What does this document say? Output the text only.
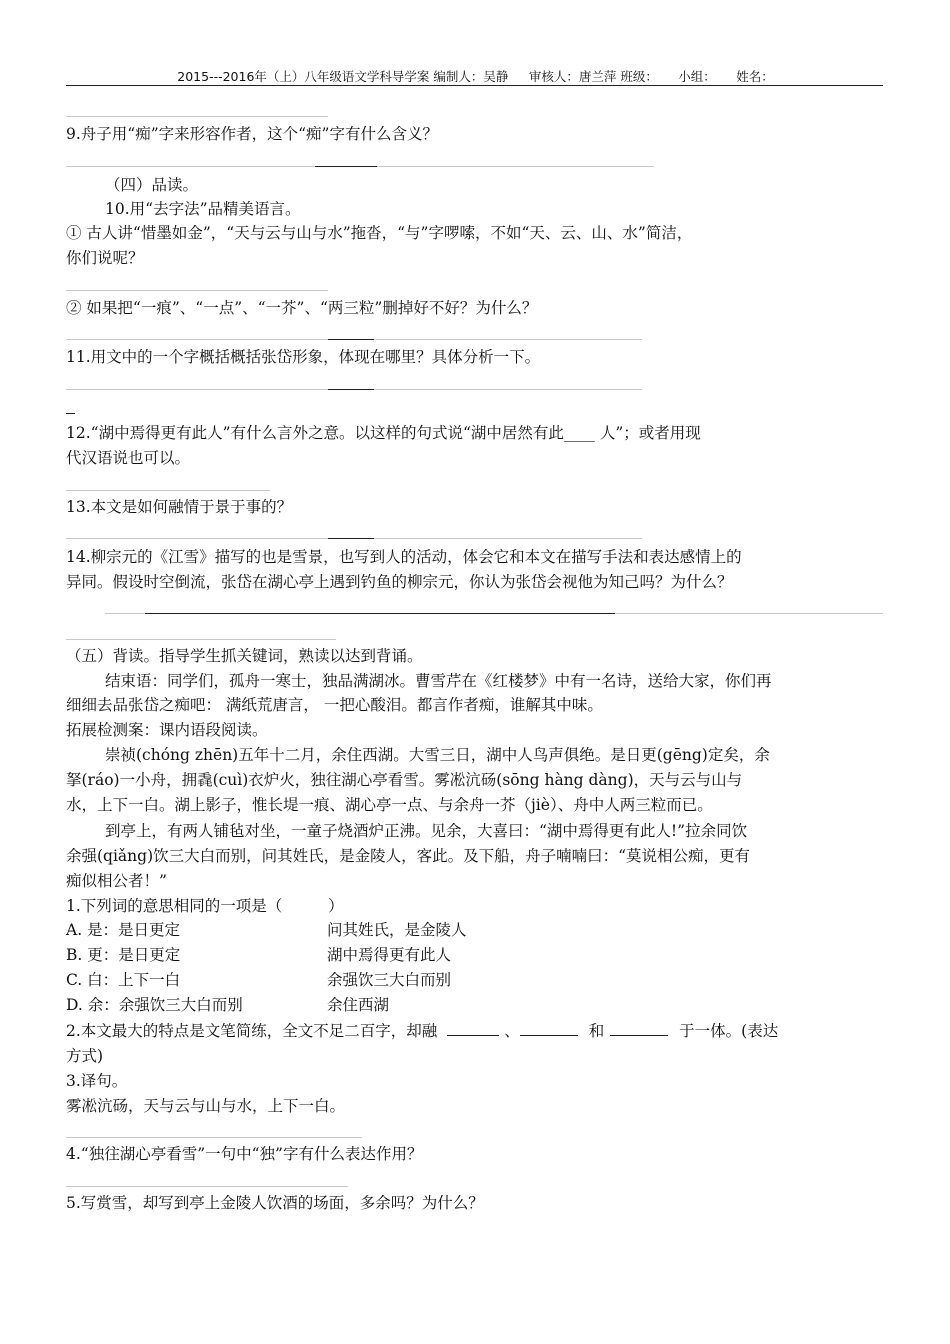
2015---2016年（上）八年级语文学科导学案 编制人：吴静 　 审核人：唐兰萍 班级： 　 小组： 　 姓名：
9.舟子用“痴”字来形容作者，这个“痴”字有什么含义？
（四）品读。
10.用“去字法”品精美语言。
① 古人讲“惜墨如金”，“天与云与山与水”拖沓，“与”字啰嗦，不如“天、云、山、水”简洁，
你们说呢？
② 如果把“一痕”、“一点”、“一芥”、“两三粒”删掉好不好？为什么？
11.用文中的一个字概括概括张岱形象，体现在哪里？具体分析一下。
12.“湖中焉得更有此人”有什么言外之意。以这样的句式说“湖中居然有此____ 人”；或者用现
代汉语说也可以。
13.本文是如何融情于景于事的？
14.柳宗元的《江雪》描写的也是雪景，也写到人的活动，体会它和本文在描写手法和表达感情上的
异同。假设时空倒流，张岱在湖心亭上遇到钓鱼的柳宗元，你认为张岱会视他为知己吗？为什么？
（五）背读。指导学生抓关键词，熟读以达到背诵。
结束语：同学们，孤舟一寒士，独品满湖冰。曹雪芹在《红楼梦》中有一名诗，送给大家，你们再
细细去品张岱之痴吧： 满纸荒唐言， 一把心酸泪。都言作者痴，谁解其中味。
拓展检测案：课内语段阅读。
崇祯(chóng zhēn)五年十二月，余住西湖。大雪三日，湖中人鸟声俱绝。是日更(gēng)定矣，余
拏(ráo)一小舟，拥毳(cuì)衣炉火，独往湖心亭看雪。雾凇沆砀(sōng hàng dàng)，天与云与山与
水，上下一白。湖上影子，惟长堤一痕、湖心亭一点、与余舟一芥（jiè）、舟中人两三粒而已。
到亭上，有两人铺毡对坐，一童子烧酒炉正沸。见余，大喜曰：“湖中焉得更有此人!”拉余同饮
余强(qiǎng)饮三大白而别，问其姓氏，是金陵人，客此。及下船，舟子喃喃曰：“莫说相公痴，更有
痴似相公者！”
1.下列词的意思相同的一项是（ 　 　 ）
A. 是：是日更定	问其姓氏，是金陵人
B. 更：是日更定	湖中焉得更有此人
C. 白：上下一白	余强饮三大白而别
D. 余：余强饮三大白而别	余住西湖
2.本文最大的特点是文笔简练，全文不足二百字，却融	、	和	于一体。(表达
方式)
3.译句。
雾凇沆砀，天与云与山与水，上下一白。
4.“独往湖心亭看雪”一句中“独”字有什么表达作用？
5.写赏雪，却写到亭上金陵人饮酒的场面，多余吗？为什么？
